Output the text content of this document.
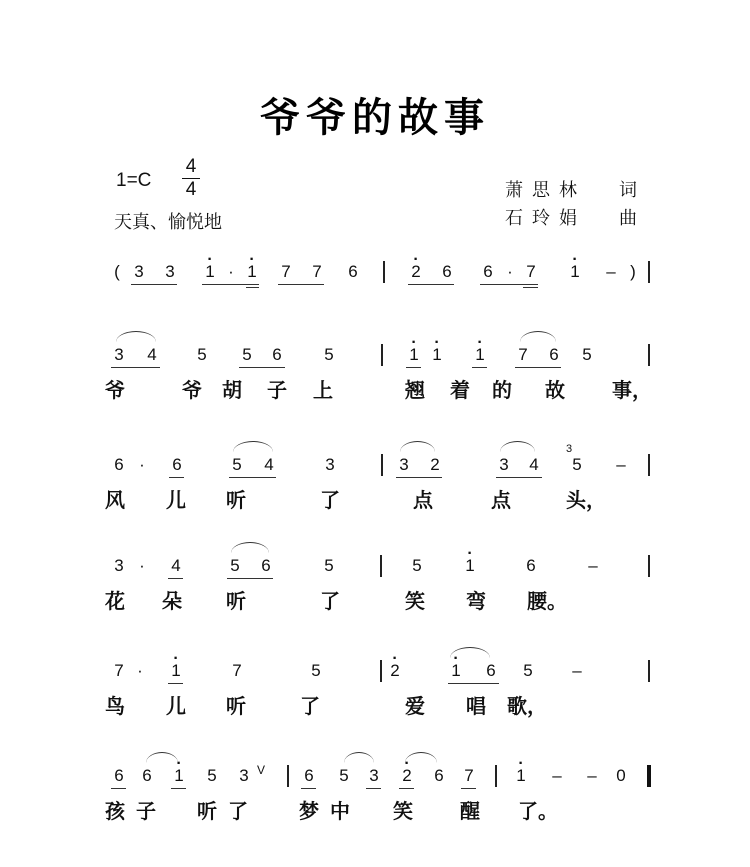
爷爷的故事
1=C
4
4
天真、愉悦地
萧思林 词
石玲娟 曲
( 3 3 · 1 · · 1 7 7 6	· 2 6 6 · 7 · 1 – )
3 4 5 5 6	5	· 1 · 1 · 1 7 6 5
爷	爷 胡 子 上	翘 着 的 故 事，
6 · 6	5 4	3	3 2	3 4 5 –
3
风 儿 听	了	点	点	头，
3 · 4	5 6	5	5	· 1	6	–
花 朵 听	了	笑 弯 腰。
7 · · 1	7	5	· 2	· 1 6 5 –
鸟 儿 听	了	爱 唱 歌，
6 6 · 1 5 3 V 6 5 3 · 2 6 7	· 1 – – 0
孩 子 听 了	梦 中 笑 醒 了。
